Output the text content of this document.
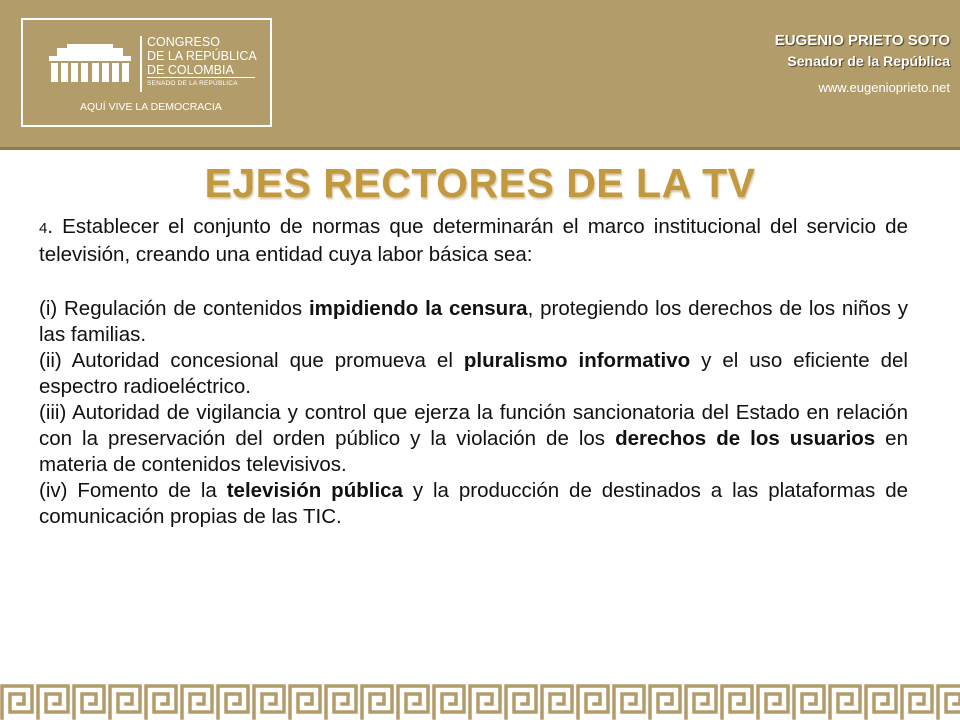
CONGRESO
DE LA REPÚBLICA
DE COLOMBIA
SENADO DE LA REPÚBLICA
AQUÍ VIVE LA DEMOCRACIA
EUGENIO PRIETO SOTO
Senador de la República
www.eugenioprieto.net
EJES RECTORES DE LA TV

4. Establecer el conjunto de normas que determinarán el marco institucional del servicio de televisión, creando una entidad cuya labor básica sea:

(i) Regulación de contenidos impidiendo la censura, protegiendo los derechos de los niños y las familias.

(ii) Autoridad concesional que promueva el pluralismo informativo y el uso eficiente del espectro radioeléctrico.

(iii) Autoridad de vigilancia y control que ejerza la función sancionatoria del Estado en relación con la preservación del orden público y la violación de los derechos de los usuarios en materia de contenidos televisivos.

(iv) Fomento de la televisión pública y la producción de destinados a las plataformas de comunicación propias de las TIC.
